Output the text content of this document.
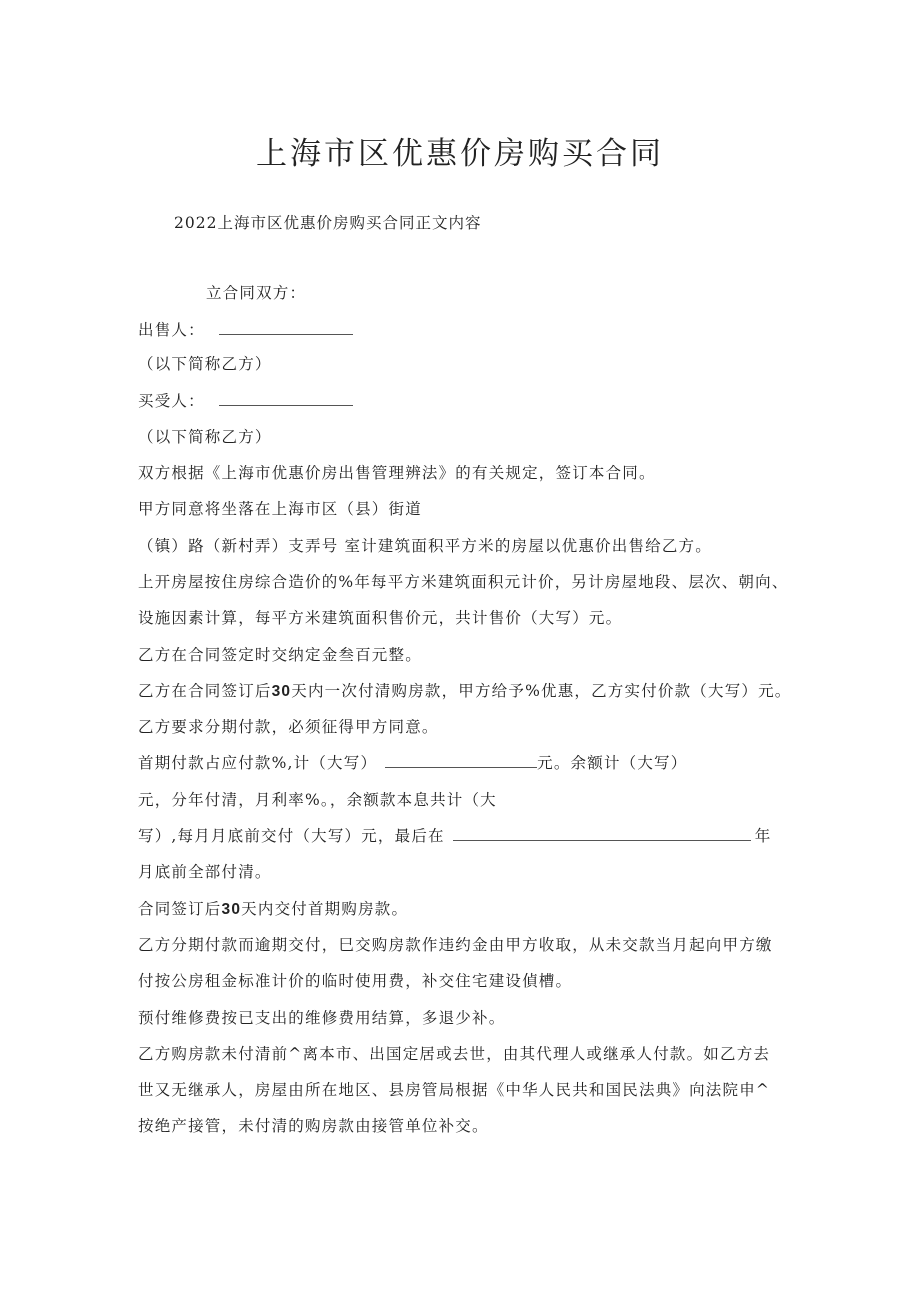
上海市区优惠价房购买合同
2022上海市区优惠价房购买合同正文内容
立合同双方：
出售人：
（以下简称乙方）
买受人：
（以下简称乙方）
双方根据《上海市优惠价房出售管理辨法》的有关规定，签订本合同。
甲方同意将坐落在上海市区（县）街道
（镇）路（新村弄）支弄号 室计建筑面积平方米的房屋以优惠价出售给乙方。
上开房屋按住房综合造价的%年每平方米建筑面积元计价，另计房屋地段、层次、朝向、
设施因素计算，每平方米建筑面积售价元，共计售价（大写）元。
乙方在合同签定时交纳定金叁百元整。
乙方在合同签订后30天内一次付清购房款，甲方给予%优惠，乙方实付价款（大写）元。
乙方要求分期付款，必须征得甲方同意。
首期付款占应付款%,计（大写）	元。余额计（大写）
元，分年付清，月利率%。，余额款本息共计（大
写）,每月月底前交付（大写）元，最后在	年
月底前全部付清。
合同签订后30天内交付首期购房款。
乙方分期付款而逾期交付，巳交购房款作违约金由甲方收取，从未交款当月起向甲方缴
付按公房租金标准计价的临时使用费，补交住宅建设偵槽。
预付维修费按已支出的维修费用结算，多退少补。
乙方购房款未付清前^离本市、出国定居或去世，由其代理人或继承人付款。如乙方去
世又无继承人，房屋由所在地区、县房管局根据《中华人民共和国民法典》向法院申^
按绝产接管，未付清的购房款由接管单位补交。
